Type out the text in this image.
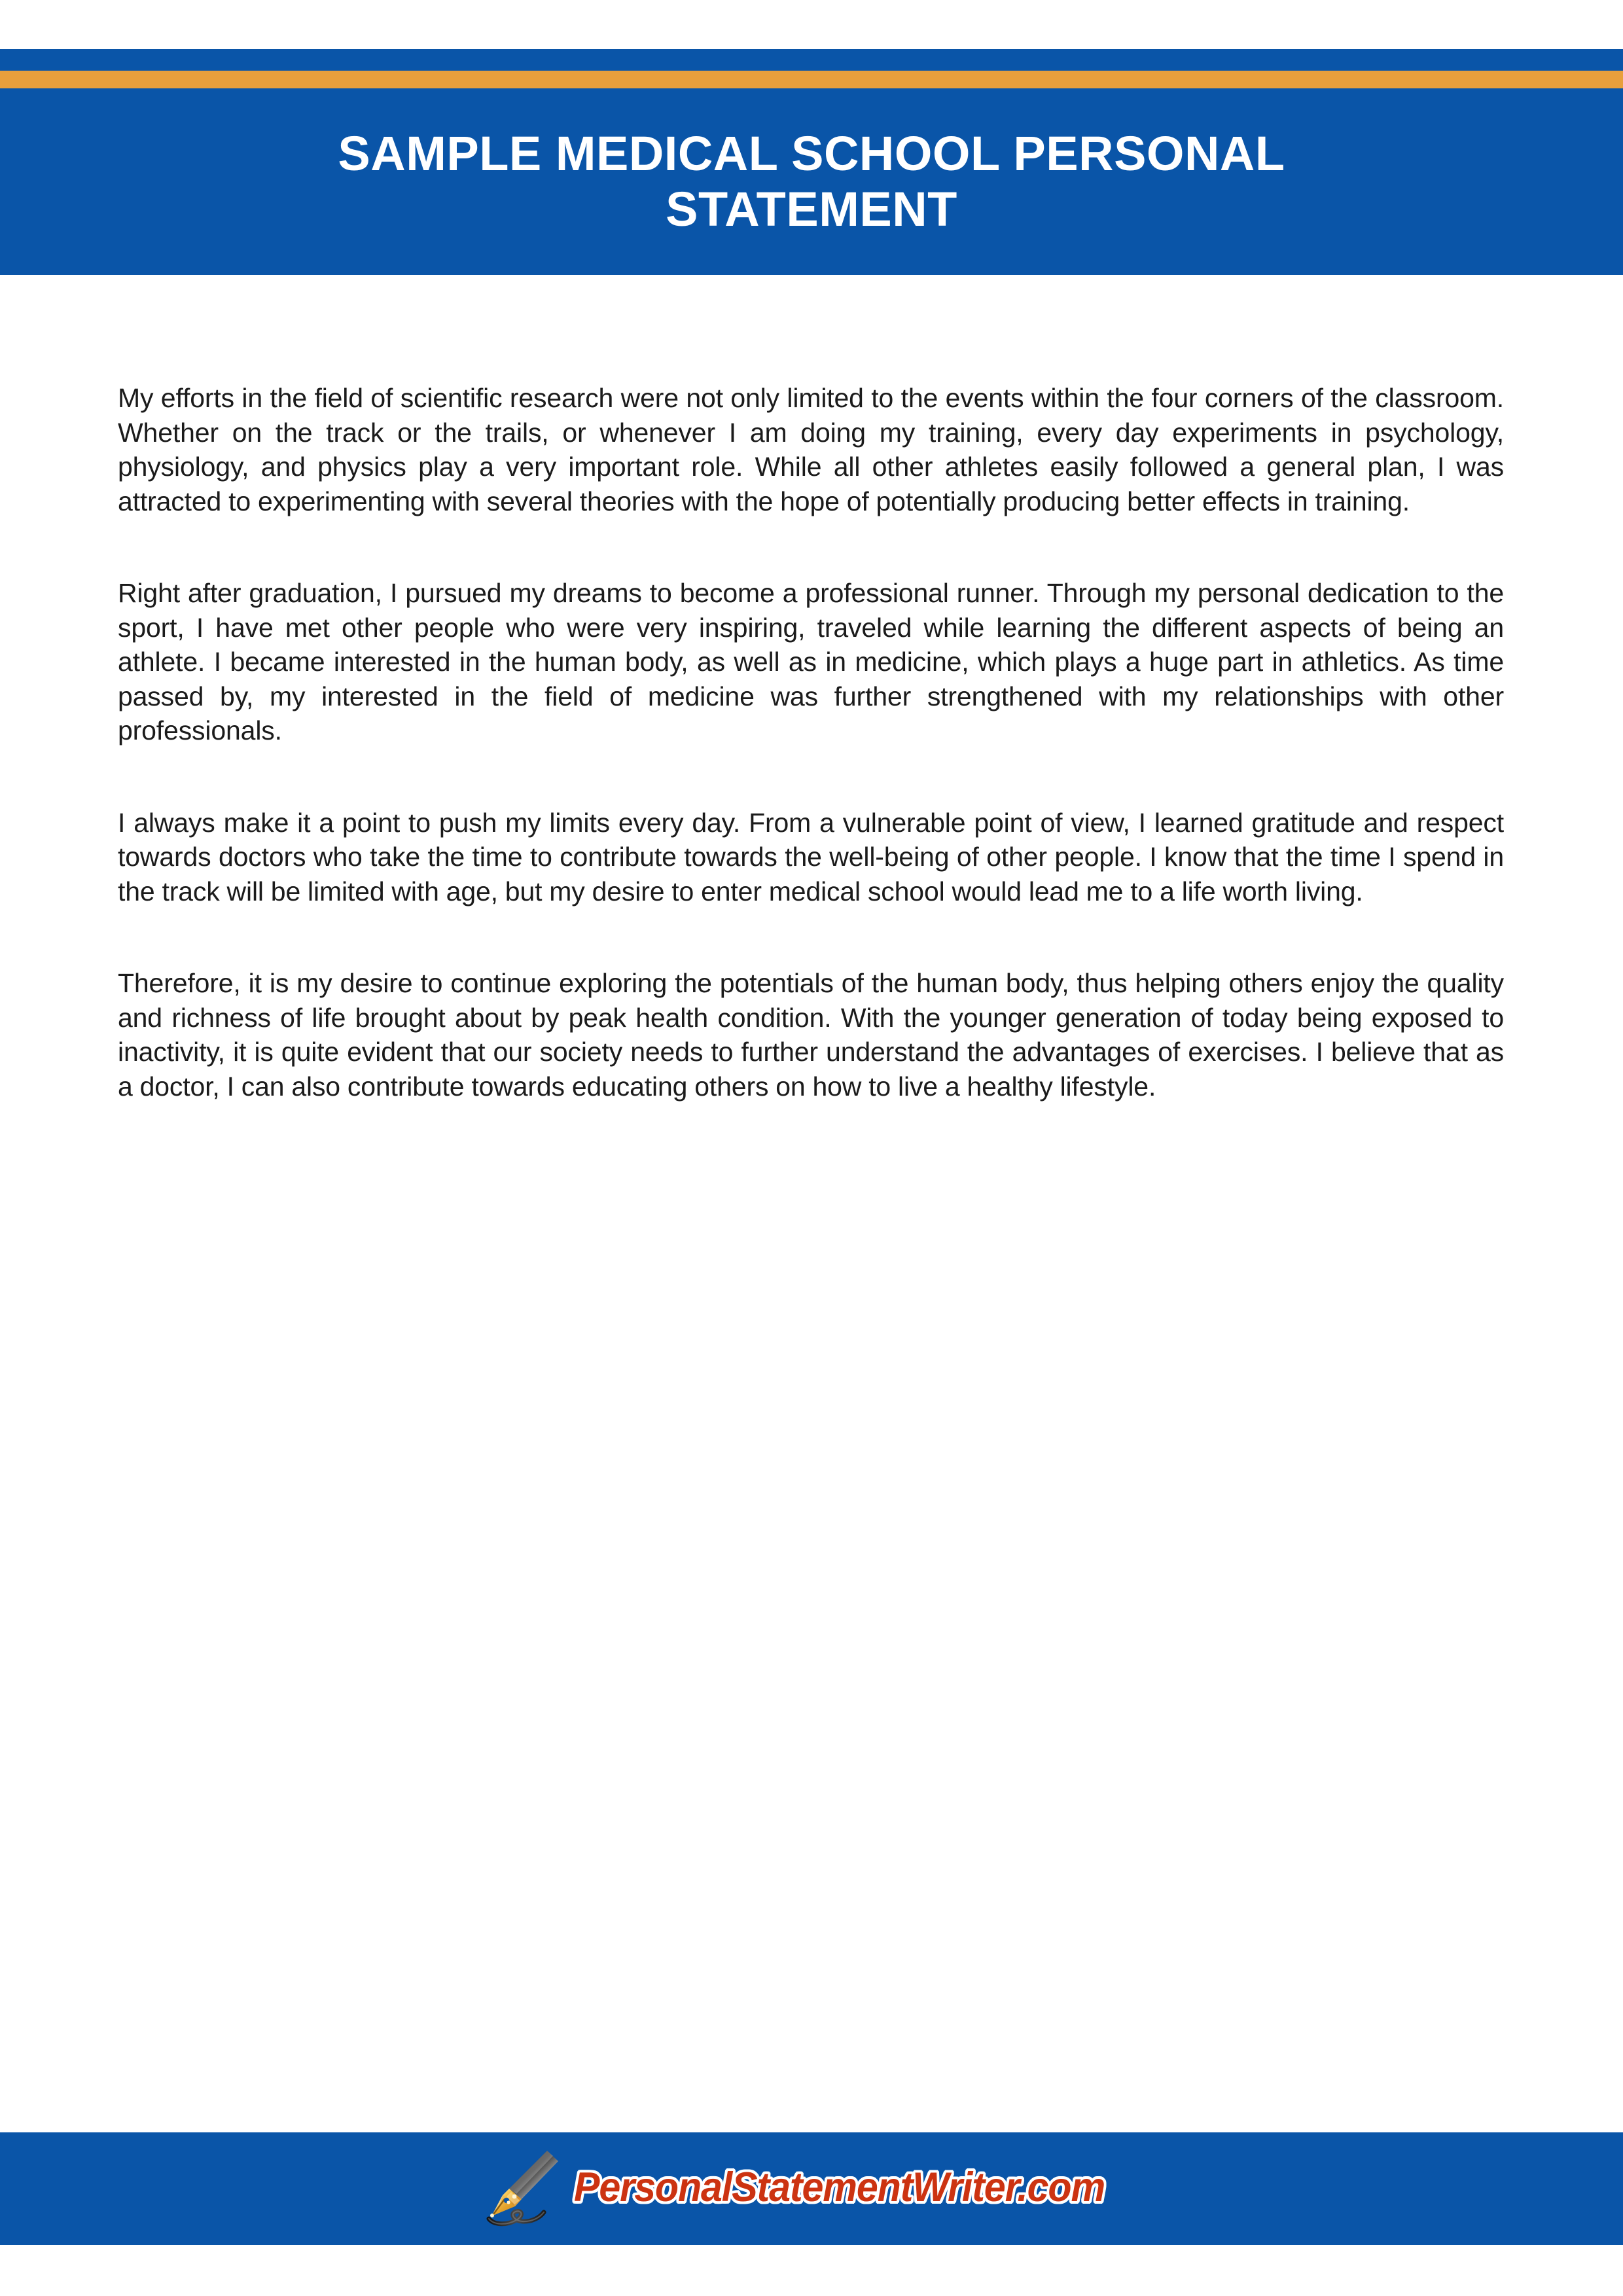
SAMPLE MEDICAL SCHOOL PERSONAL STATEMENT

My efforts in the field of scientific research were not only limited to the events within the four corners of the classroom. Whether on the track or the trails, or whenever I am doing my training, every day experiments in psychology, physiology, and physics play a very important role. While all other athletes easily followed a general plan, I was attracted to experimenting with several theories with the hope of potentially producing better effects in training.

Right after graduation, I pursued my dreams to become a professional runner. Through my personal dedication to the sport, I have met other people who were very inspiring, traveled while learning the different aspects of being an athlete. I became interested in the human body, as well as in medicine, which plays a huge part in athletics. As time passed by, my interested in the field of medicine was further strengthened with my relationships with other professionals.

I always make it a point to push my limits every day. From a vulnerable point of view, I learned gratitude and respect towards doctors who take the time to contribute towards the well-being of other people. I know that the time I spend in the track will be limited with age, but my desire to enter medical school would lead me to a life worth living.

Therefore, it is my desire to continue exploring the potentials of the human body, thus helping others enjoy the quality and richness of life brought about by peak health condition. With the younger generation of today being exposed to inactivity, it is quite evident that our society needs to further understand the advantages of exercises. I believe that as a doctor, I can also contribute towards educating others on how to live a healthy lifestyle.

PersonalStatementWriter.com
